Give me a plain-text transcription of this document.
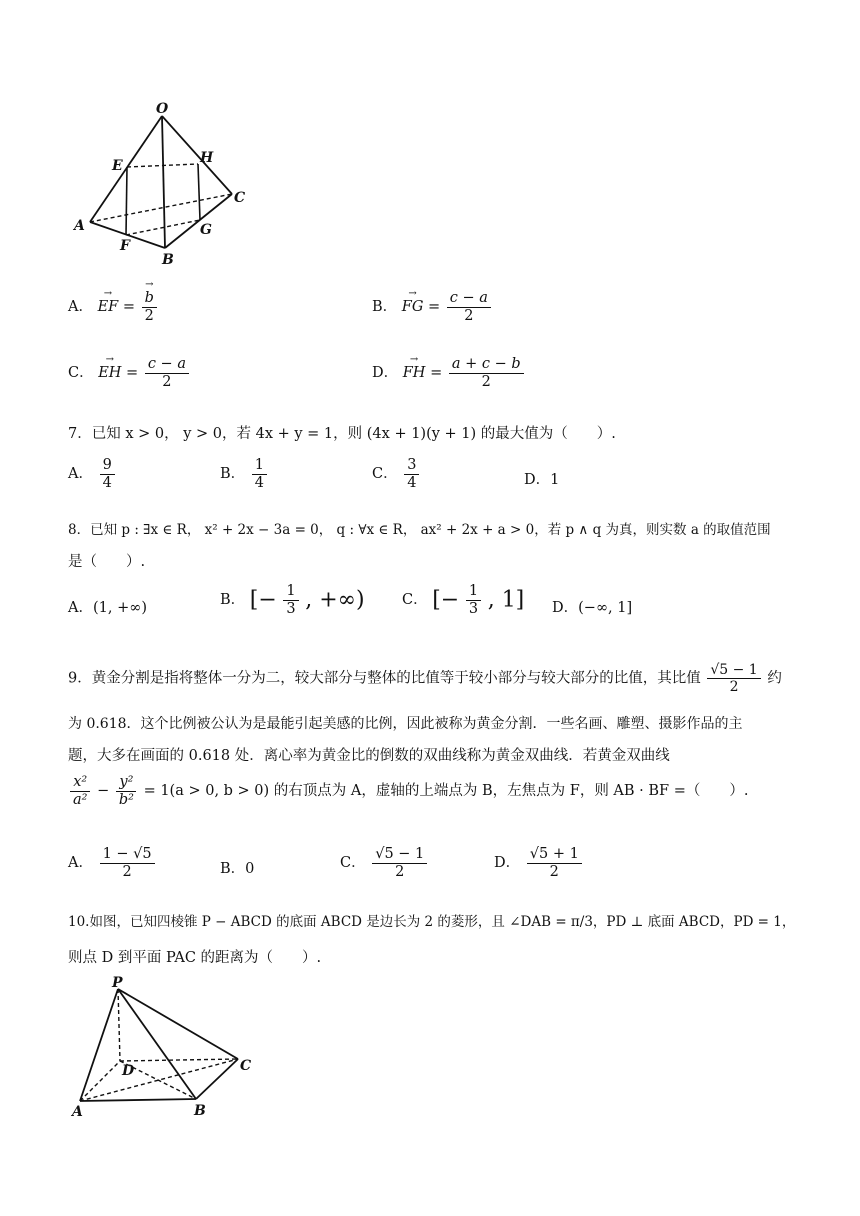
O
E	H
C
A
F
G
B
A． → EF = → $\frac{b}{2}$	B． → FG = $\frac{c - a}{2}$
C． → EH = $\frac{c - a}{2}$	D． → FH = $\frac{a + c - b}{2}$
7．已知 x > 0， y > 0，若 4x + y = 1，则 (4x + 1)(y + 1) 的最大值为（　　）.
A． $\frac{9}{4}$	B． $\frac{1}{4}$	C． $\frac{3}{4}$	D．1
8．已知 p : ∃x ∈ R， x² + 2x − 3a = 0， q : ∀x ∈ R， ax² + 2x + a > 0，若 p ∧ q 为真，则实数 a 的取值范围
是（　　）.
A．(1, +∞)	B． [− $\frac{1}{3}$ , +∞)	C． [− $\frac{1}{3}$ , 1] D．(−∞, 1]
9．黄金分割是指将整体一分为二，较大部分与整体的比值等于较小部分与较大部分的比值，其比值 $\frac{√5 - 1}{2}$ 约
为 0.618．这个比例被公认为是最能引起美感的比例，因此被称为黄金分割．一些名画、雕塑、摄影作品的主
题，大多在画面的 0.618 处．离心率为黄金比的倒数的双曲线称为黄金双曲线．若黄金双曲线
$\frac{\text{x²}}{\text{a²}} - \frac{\text{y²}}{\text{b²}} = 1(a > 0$, b > 0) 的右顶点为 A，虚轴的上端点为 B，左焦点为 F，则 AB · BF =（　　）.
A． $\frac{1 - √5}{2}$	B．0	C． $\frac{√5 - 1}{2}$	D． $\frac{√5 + 1}{2}$
10.如图，已知四棱锥 P − ABCD 的底面 ABCD 是边长为 2 的菱形，且 ∠DAB = π/3，PD ⊥ 底面 ABCD，PD = 1，
则点 D 到平面 PAC 的距离为（　　）.
P
D	C
A	B
